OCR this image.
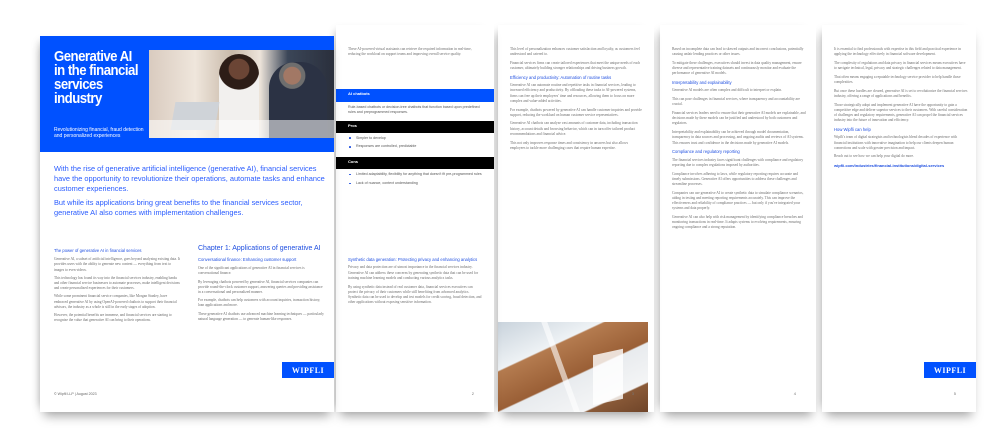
Generative AI in the financial services industry
Revolutionizing financial, fraud detection and personalized experiences

With the rise of generative artificial intelligence (generative AI), financial services have the opportunity to revolutionize their operations, automate tasks and enhance customer experiences.

But while its applications bring great benefits to the financial services sector, generative AI also comes with implementation challenges.

The power of generative AI in financial services

Generative AI, a subset of artificial intelligence, goes beyond analyzing existing data. It provides users with the ability to generate new content — everything from text to images to even videos.

This technology has found its way into the financial services industry, enabling banks and other financial service businesses to automate processes, make intelligent decisions and create personalized experiences for their customers.

While some prominent financial service companies, like Morgan Stanley, have embraced generative AI by using OpenAI-powered chatbots to support their financial advisors, the industry as a whole is still in the early stages of adoption.

However, the potential benefits are immense, and financial services are starting to recognize the value that generative AI can bring to their operations.

Chapter 1: Applications of generative AI
Conversational finance: Enhancing customer support

One of the significant applications of generative AI in financial services is conversational finance.

By leveraging chatbots powered by generative AI, financial services companies can provide round-the-clock customer support, answering queries and providing assistance in a conversational and personalized manner.

For example, chatbots can help customers with account inquiries, transaction history, loan applications and more.

These generative AI chatbots use advanced machine learning techniques — particularly natural language generation — to generate human-like responses.

WIPFLI
© Wipfli LLP | August 2023

These AI-powered virtual assistants can retrieve the required information in real-time, reducing the workload on support teams and improving overall service quality.

AI chatbots
Rule-based chatbots or decision-tree chatbots that function based upon predefined rules and preprogrammed responses.
Pros
Simpler to develop
Responses are controlled, predictable
Cons
Limited adaptability, flexibility for anything that doesn't fit pre-programmed rules
Lack of nuance, context understanding
Synthetic data generation: Protecting privacy and enhancing analytics

Privacy and data protection are of utmost importance in the financial services industry. Generative AI can address these concerns by generating synthetic data that can be used for training machine learning models and conducting various analytics tasks.

By using synthetic data instead of real customer data, financial services executives can protect the privacy of their customers while still benefiting from advanced analytics. Synthetic data can be used to develop and test models for credit scoring, fraud detection, and other applications without exposing sensitive information.

2

This level of personalization enhances customer satisfaction and loyalty, as customers feel understood and catered to.

Financial services firms can create tailored experiences that meet the unique needs of each customer, ultimately building stronger relationships and driving business growth.

Efficiency and productivity: Automation of routine tasks

Generative AI can automate routine and repetitive tasks in financial services, leading to increased efficiency and productivity. By offloading these tasks to AI-powered systems, firms can free up their employees' time and resources, allowing them to focus on more complex and value-added activities.

For example, chatbots powered by generative AI can handle customer inquiries and provide support, reducing the workload on human customer service representatives.

Generative AI chatbots can analyze vast amounts of customer data, including transaction history, account details and browsing behavior, which can in turn offer tailored product recommendations and financial advice.

This not only improves response times and consistency in answers but also allows employees to tackle more challenging cases that require human expertise.

3

Based on incomplete data can lead to skewed outputs and incorrect conclusions, potentially causing unfair lending practices or other issues.

To mitigate these challenges, executives should invest in data quality management, ensure diverse and representative training datasets and continuously monitor and evaluate the performance of generative AI models.

Interpretability and explainability

Generative AI models are often complex and difficult to interpret or explain.

This can pose challenges in financial services, where transparency and accountability are crucial.

Financial services leaders need to ensure that their generative AI models are explainable, and decisions made by these models can be justified and understood by both customers and regulators.

Interpretability and explainability can be achieved through model documentation, transparency in data sources and processing, and ongoing audits and reviews of AI systems. This ensures trust and confidence in the decisions made by generative AI models.

Compliance and regulatory reporting

The financial services industry faces significant challenges with compliance and regulatory reporting due to complex regulations imposed by authorities.

Compliance involves adhering to laws, while regulatory reporting requires accurate and timely submissions. Generative AI offers opportunities to address these challenges and streamline processes.

Companies can use generative AI to create synthetic data to simulate compliance scenarios, aiding in testing and meeting reporting requirements accurately. This can improve the effectiveness and reliability of compliance practices — but only if you've integrated your systems and data properly.

Generative AI can also help with risk management by identifying compliance breaches and monitoring transactions in real-time. It adapts systems to evolving requirements, ensuring ongoing compliance and a strong reputation.

4

It is essential to find professionals with expertise in this field and practical experience in applying the technology effectively in financial software development.

The complexity of regulations and data privacy in financial services means executives have to navigate technical, legal, privacy and strategic challenges related to data management.

That often means engaging a reputable technology service provider to help handle those complexities.

But once these hurdles are cleared, generative AI is set to revolutionize the financial services industry, offering a range of applications and benefits.

Those strategically adopt and implement generative AI have the opportunity to gain a competitive edge and deliver superior services to their customers. With careful consideration of challenges and regulatory requirements, generative AI can propel the financial services industry into the future of innovation and efficiency.

How Wipfli can help

Wipfli's team of digital strategists and technologists blend decades of experience with financial institutions with innovative imagination to help our clients deepen human connections and scale with greater precision and impact.

Reach out to see how we can help your digital do more.

wipfli.com/industries/financial-institutions/digital-services

WIPFLI
5
